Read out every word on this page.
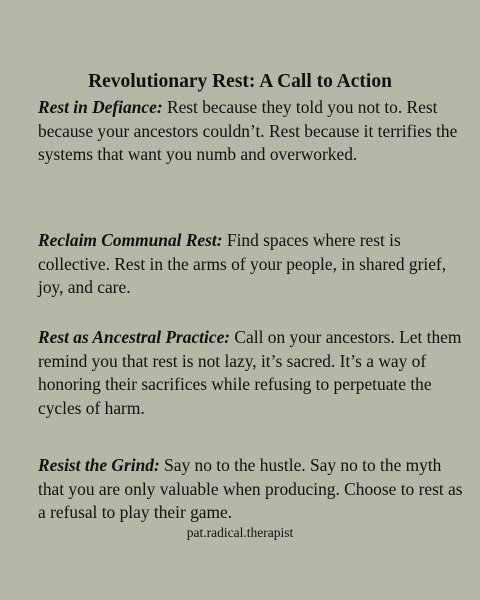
Revolutionary Rest: A Call to Action

Rest in Defiance: Rest because they told you not to. Rest because your ancestors couldn’t. Rest because it terrifies the systems that want you numb and overworked.

Reclaim Communal Rest: Find spaces where rest is collective. Rest in the arms of your people, in shared grief, joy, and care.

Rest as Ancestral Practice: Call on your ancestors. Let them remind you that rest is not lazy, it’s sacred. It’s a way of honoring their sacrifices while refusing to perpetuate the cycles of harm.

Resist the Grind: Say no to the hustle. Say no to the myth that you are only valuable when producing. Choose to rest as a refusal to play their game.

pat.radical.therapist
